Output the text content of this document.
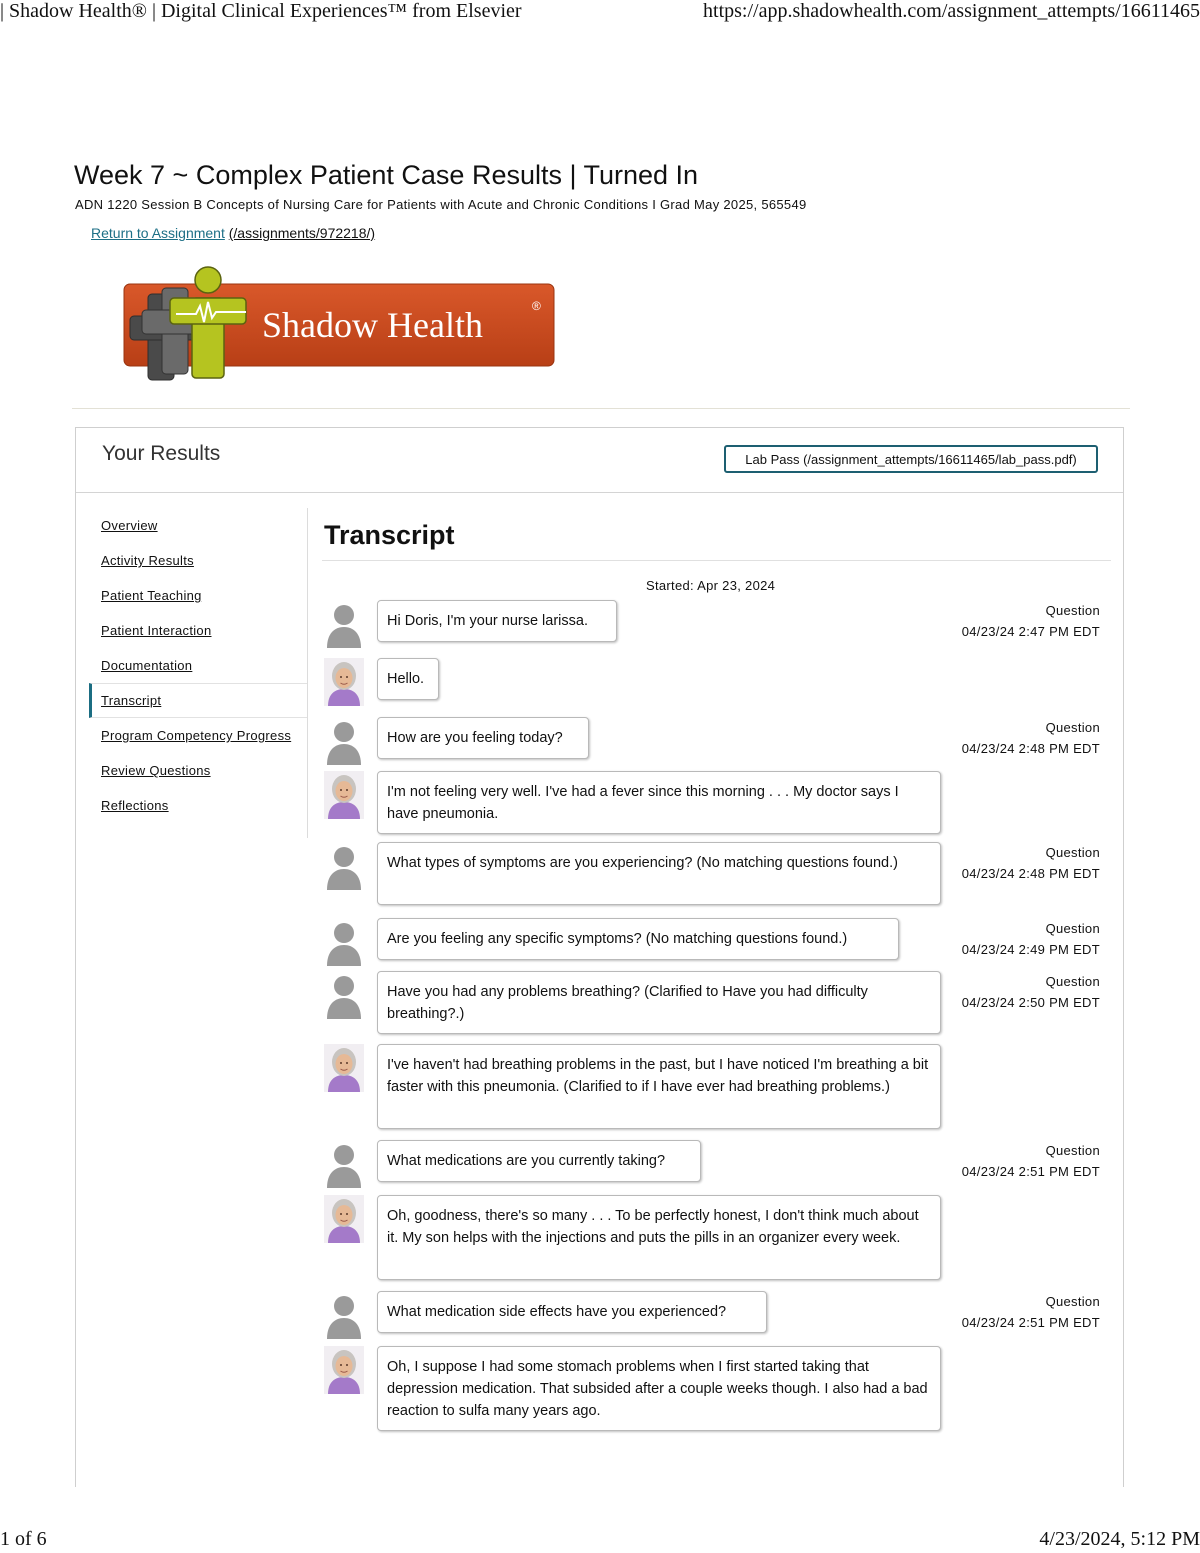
| Shadow Health® | Digital Clinical Experiences™ from Elsevier	https://app.shadowhealth.com/assignment_attempts/16611465
Week 7 ~ Complex Patient Case Results | Turned In
ADN 1220 Session B Concepts of Nursing Care for Patients with Acute and Chronic Conditions I Grad May 2025, 565549
Return to Assignment (/assignments/972218/)
Shadow Health	®
Your Results	Lab Pass (/assignment_attempts/16611465/lab_pass.pdf)
Overview
Activity Results
Patient Teaching
Patient Interaction
Documentation
Transcript
Program Competency Progress
Review Questions
Reflections
Transcript
Started: Apr 23, 2024
Hi Doris, I'm your nurse larissa.
Question
04/23/24 2:47 PM EDT
Hello.
How are you feeling today?
Question
04/23/24 2:48 PM EDT
I'm not feeling very well. I've had a fever since this morning . . . My doctor says I have pneumonia.
What types of symptoms are you experiencing? (No matching questions found.)
Question
04/23/24 2:48 PM EDT
Are you feeling any specific symptoms? (No matching questions found.)
Question
04/23/24 2:49 PM EDT
Have you had any problems breathing? (Clarified to Have you had difficulty breathing?.)
Question
04/23/24 2:50 PM EDT
I've haven't had breathing problems in the past, but I have noticed I'm breathing a bit faster with this pneumonia. (Clarified to if I have ever had breathing problems.)
What medications are you currently taking?
Question
04/23/24 2:51 PM EDT
Oh, goodness, there's so many . . . To be perfectly honest, I don't think much about it. My son helps with the injections and puts the pills in an organizer every week.
What medication side effects have you experienced?
Question
04/23/24 2:51 PM EDT
Oh, I suppose I had some stomach problems when I first started taking that depression medication. That subsided after a couple weeks though. I also had a bad reaction to sulfa many years ago.
1 of 6	4/23/2024, 5:12 PM
